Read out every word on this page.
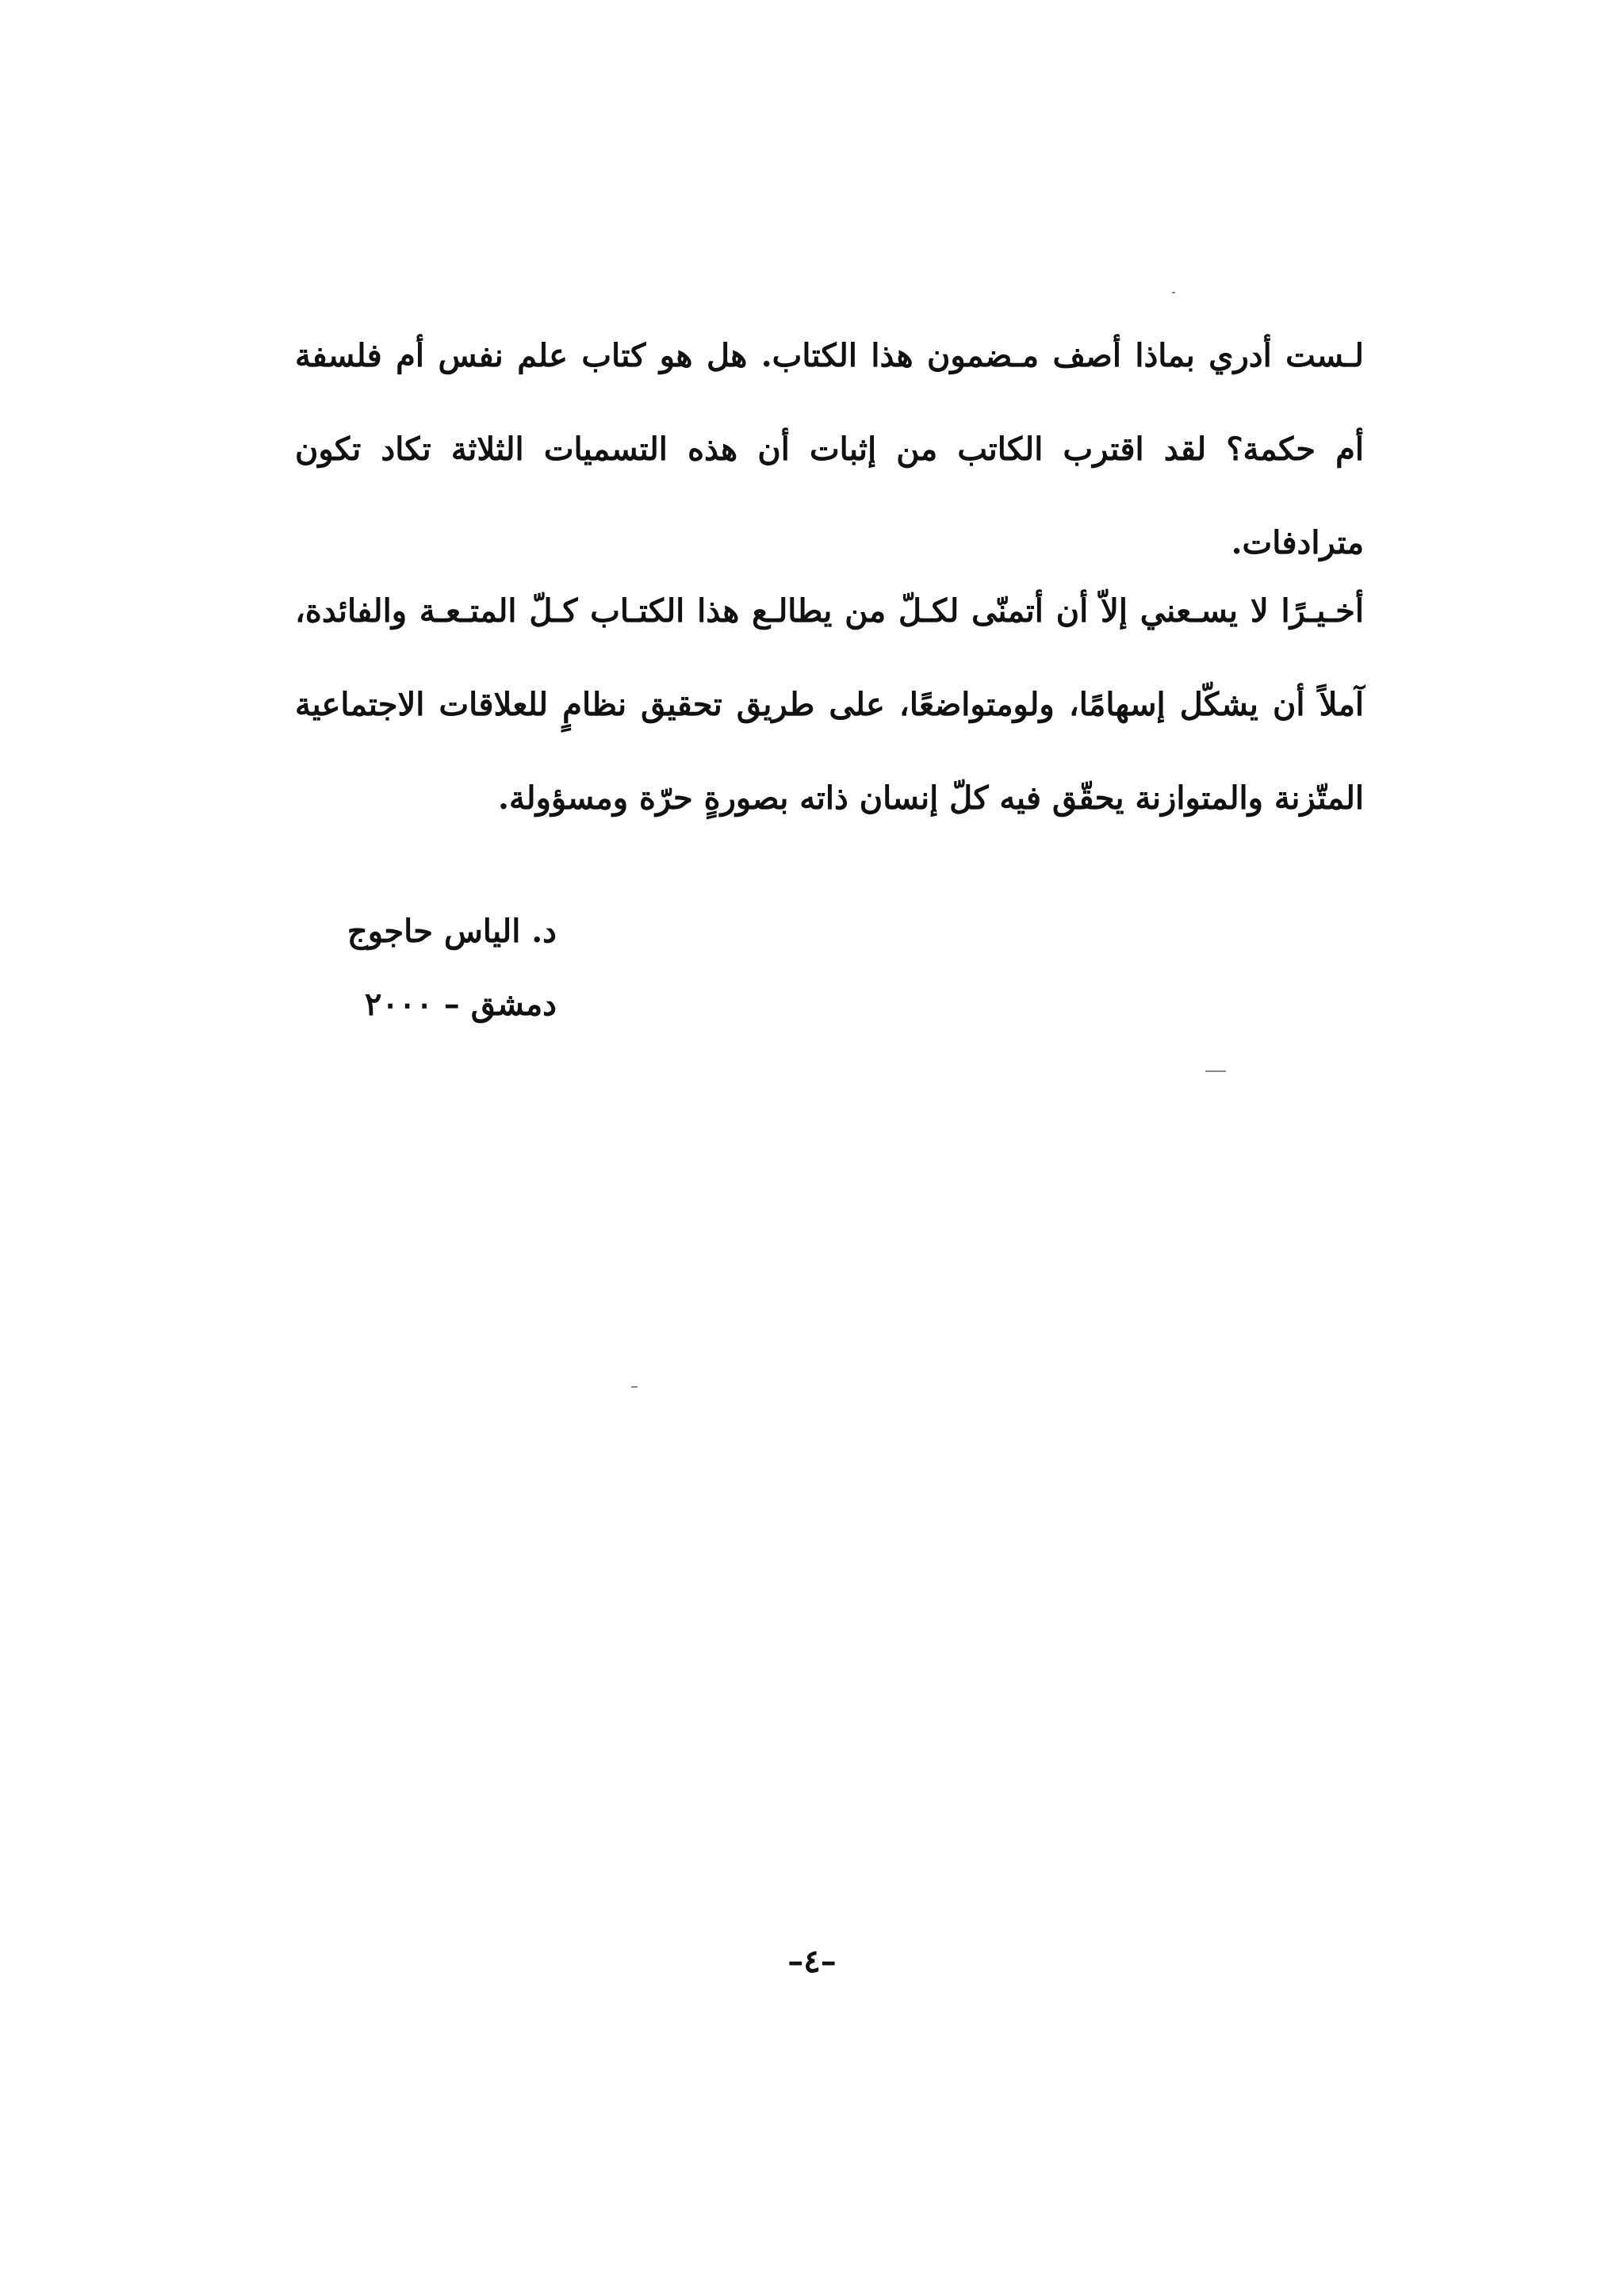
لـست أدري بماذا أصف مـضمون هذا الكتاب. هل هو كتاب علم نفس أم فلسفة أم حكمة؟ لقد اقترب الكاتب من إثبات أن هذه التسميات الثلاثة تكاد تكون مترادفات.

أخـيـرًا لا يسـعني إلاّ أن أتمنّى لكـلّ من يطالـع هذا الكتـاب كـلّ المتـعـة والفائدة، آملاً أن يشكّل إسهامًا، ولومتواضعًا، على طريق تحقيق نظامٍ للعلاقات الاجتماعية المتّزنة والمتوازنة يحقّق فيه كلّ إنسان ذاته بصورةٍ حرّة ومسؤولة.

د. الياس حاجوج
دمشق – ٢٠٠٠
–٤–
